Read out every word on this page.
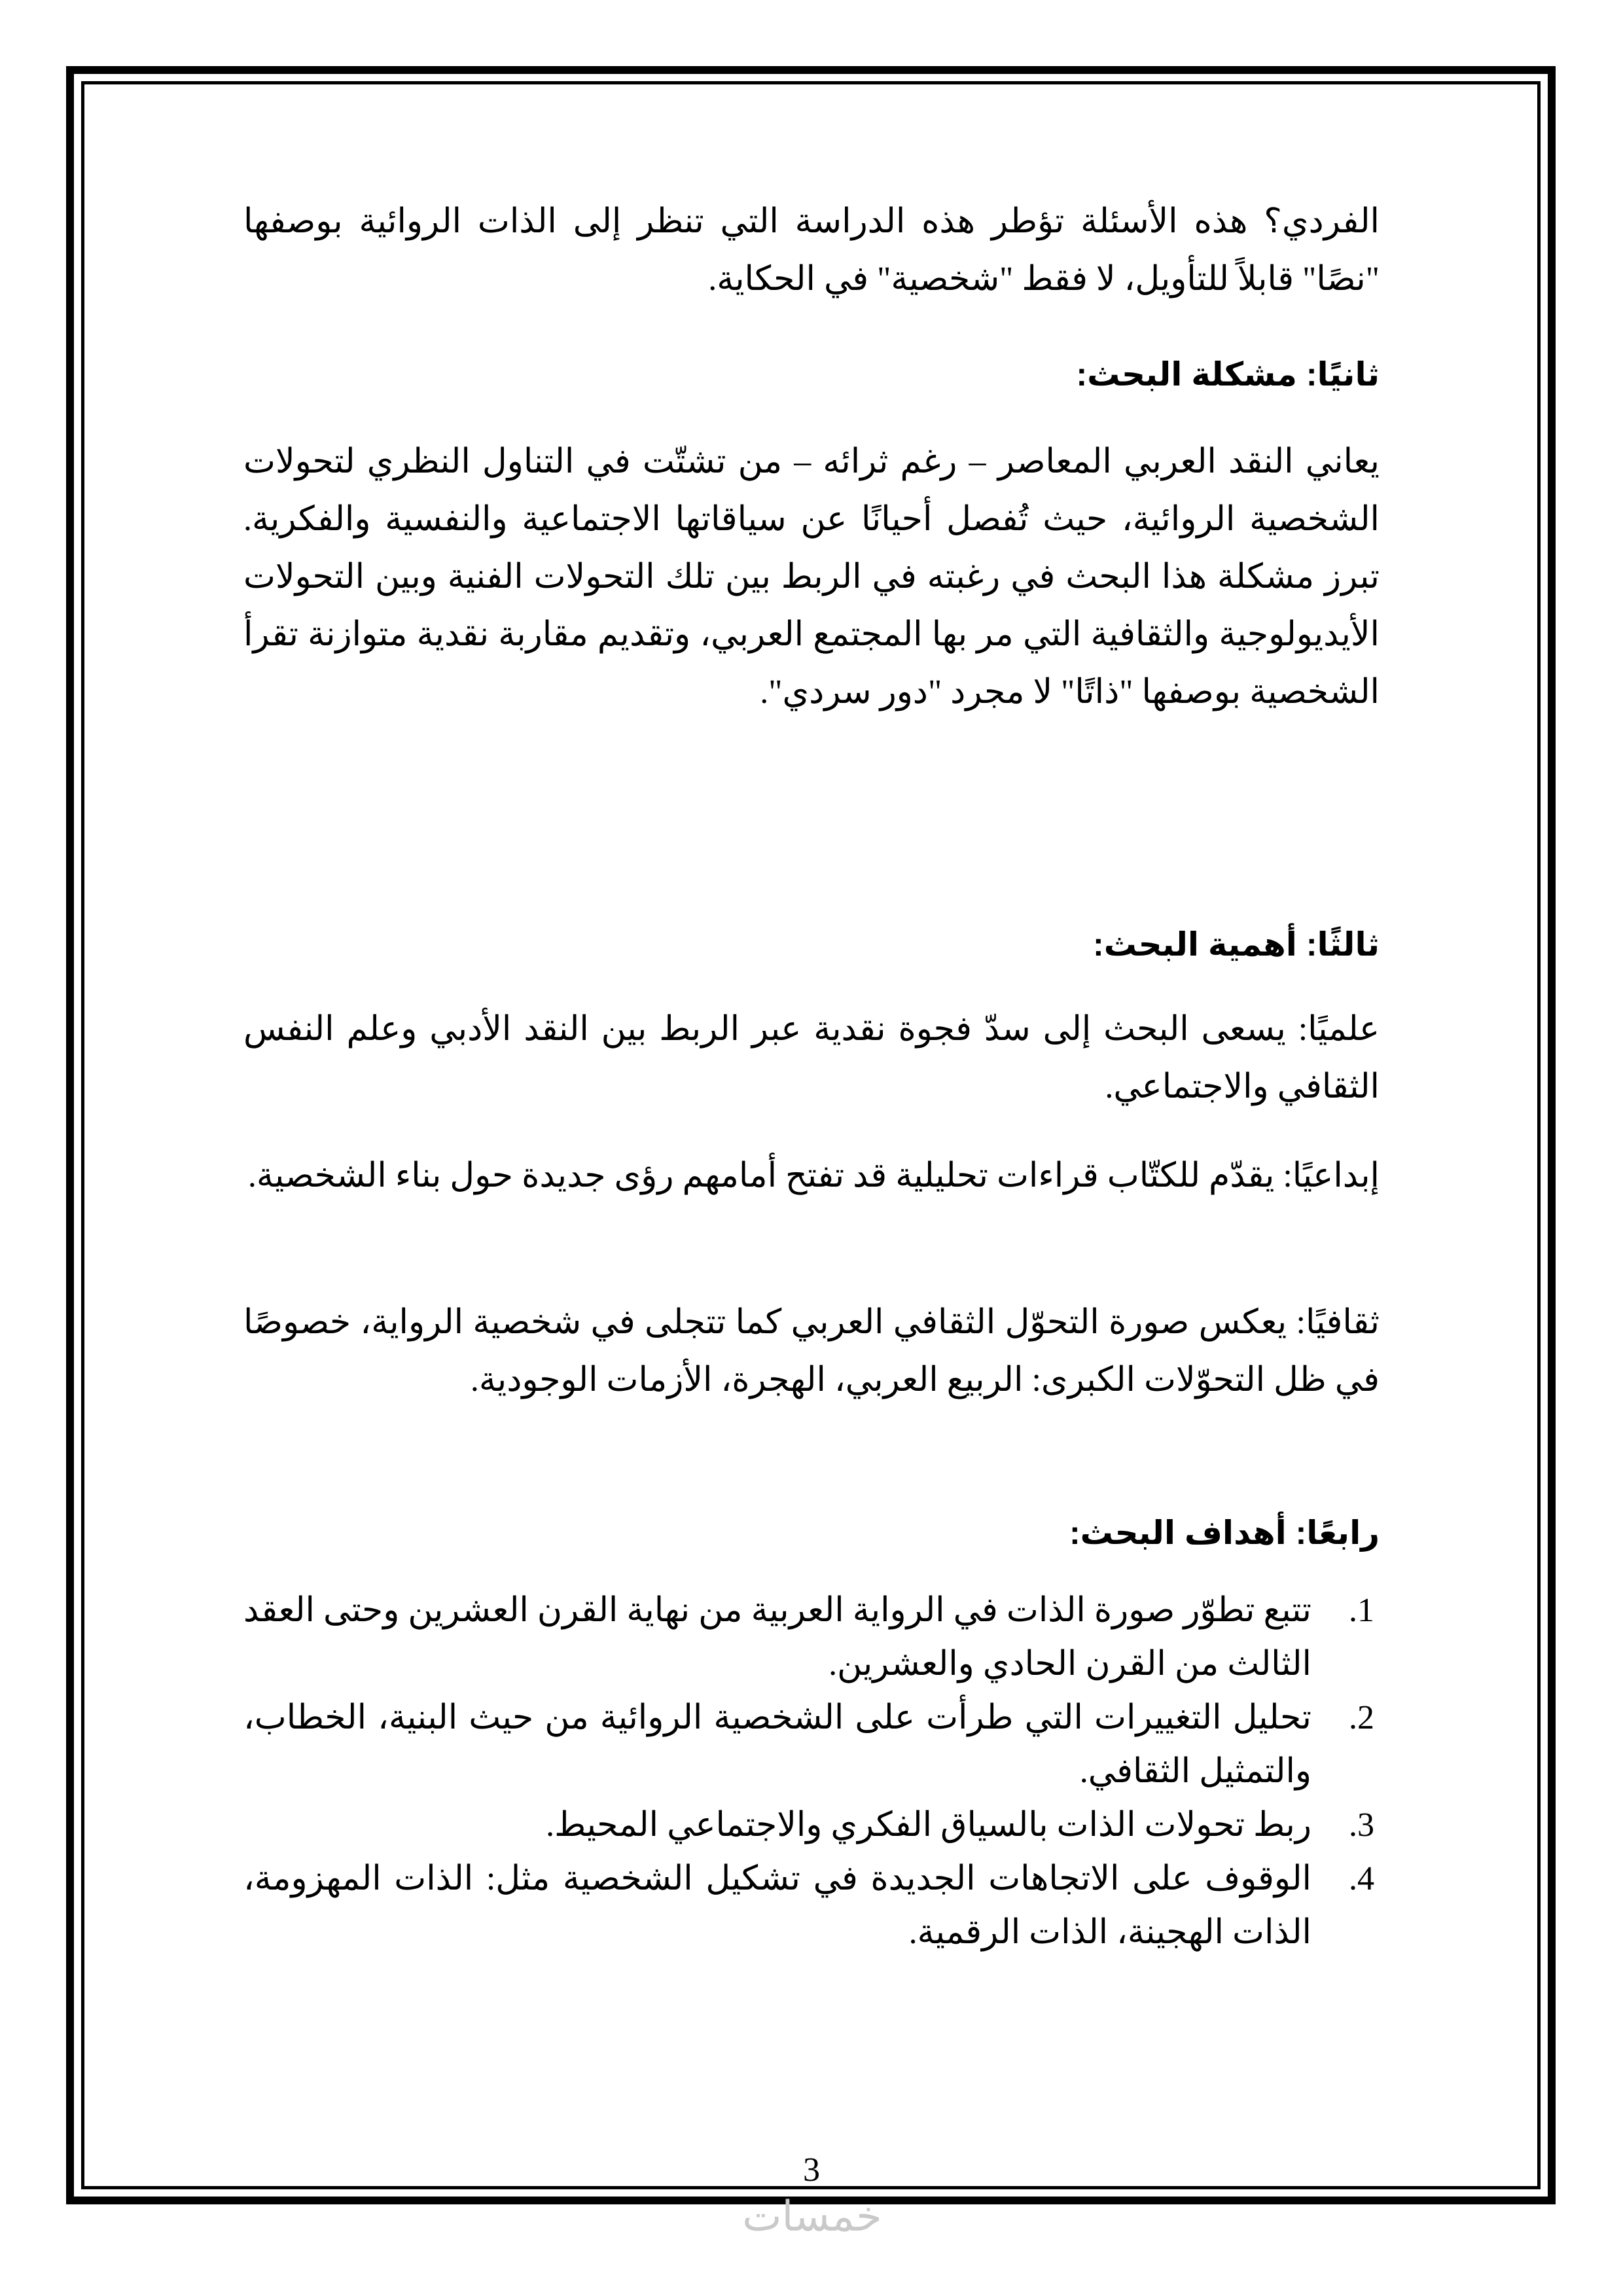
الفردي؟ هذه الأسئلة تؤطر هذه الدراسة التي تنظر إلى الذات الروائية بوصفها "نصًا" قابلاً للتأويل، لا فقط "شخصية" في الحكاية.

ثانيًا: مشكلة البحث:

يعاني النقد العربي المعاصر – رغم ثرائه – من تشتّت في التناول النظري لتحولات الشخصية الروائية، حيث تُفصل أحيانًا عن سياقاتها الاجتماعية والنفسية والفكرية. تبرز مشكلة هذا البحث في رغبته في الربط بين تلك التحولات الفنية وبين التحولات الأيديولوجية والثقافية التي مر بها المجتمع العربي، وتقديم مقاربة نقدية متوازنة تقرأ الشخصية بوصفها "ذاتًا" لا مجرد "دور سردي".

ثالثًا: أهمية البحث:

علميًا: يسعى البحث إلى سدّ فجوة نقدية عبر الربط بين النقد الأدبي وعلم النفس الثقافي والاجتماعي.

إبداعيًا: يقدّم للكتّاب قراءات تحليلية قد تفتح أمامهم رؤى جديدة حول بناء الشخصية.

ثقافيًا: يعكس صورة التحوّل الثقافي العربي كما تتجلى في شخصية الرواية، خصوصًا في ظل التحوّلات الكبرى: الربيع العربي، الهجرة، الأزمات الوجودية.

رابعًا: أهداف البحث:
1.
تتبع تطوّر صورة الذات في الرواية العربية من نهاية القرن العشرين وحتى العقد الثالث من القرن الحادي والعشرين.
2.
تحليل التغييرات التي طرأت على الشخصية الروائية من حيث البنية، الخطاب، والتمثيل الثقافي.
3.
ربط تحولات الذات بالسياق الفكري والاجتماعي المحيط.
4.
الوقوف على الاتجاهات الجديدة في تشكيل الشخصية مثل: الذات المهزومة، الذات الهجينة، الذات الرقمية.
3
خمسات
